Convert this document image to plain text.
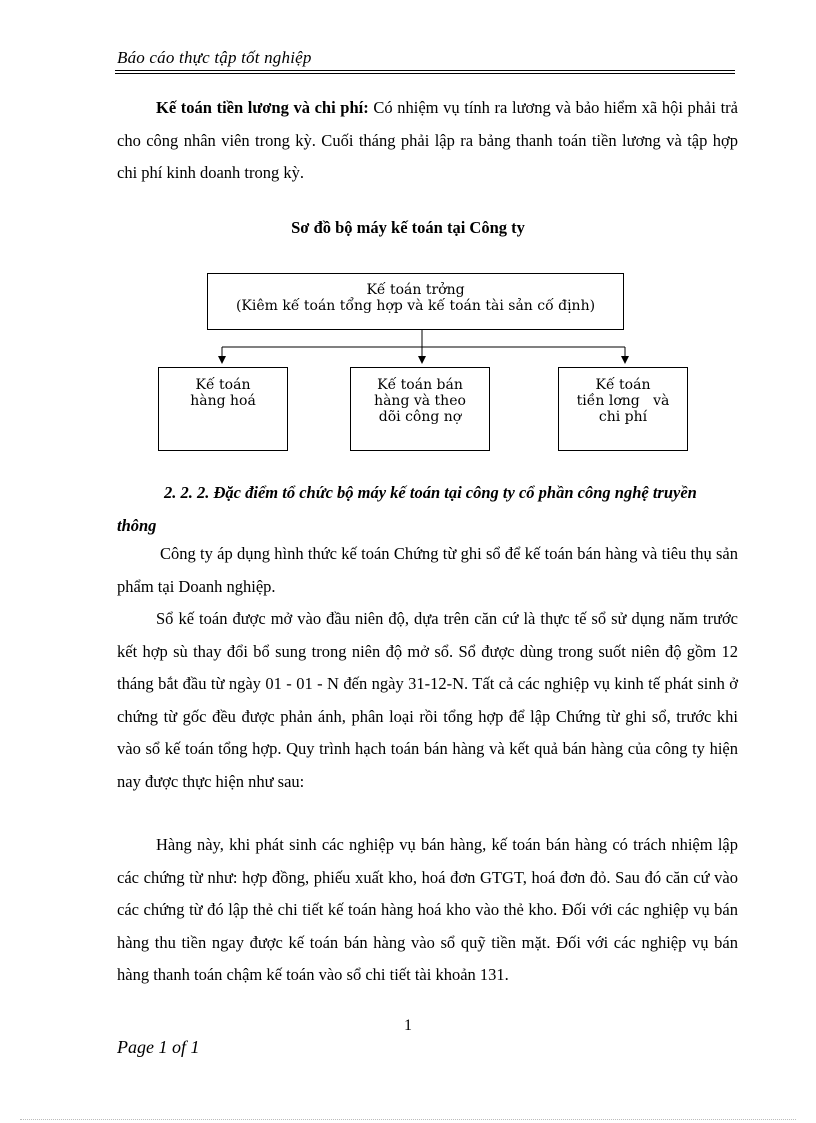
Báo cáo thực tập tốt nghiệp

Kế toán tiền lương và chi phí: Có nhiệm vụ tính ra lương và bảo hiểm xã hội phải trả cho công nhân viên trong kỳ. Cuối tháng phải lập ra bảng thanh toán tiền lương và tập hợp chi phí kinh doanh trong kỳ.

Sơ đồ bộ máy kế toán tại Công ty
Kế toán trởng
(Kiêm kế toán tổng hợp và kế toán tài sản cố định)
Kế toán
hàng hoá
Kế toán bán
hàng và theo
dõi công nợ
Kế toán
tiền lơng   và
chi phí

2. 2. 2. Đặc điểm tổ chức bộ máy kế toán tại công ty cổ phần công nghệ truyền thông

Công ty áp dụng hình thức kế toán Chứng từ ghi sổ để kế toán bán hàng và tiêu thụ sản phẩm tại Doanh nghiệp.

Sổ kế toán được mở vào đầu niên độ, dựa trên căn cứ là thực tế sổ sử dụng năm trước kết hợp sù thay đổi bổ sung trong niên độ mở sổ. Sổ được dùng trong suốt niên độ gồm 12 tháng bắt đầu từ ngày 01 - 01 - N đến ngày 31-12-N. Tất cả các nghiệp vụ kinh tế phát sinh ở chứng từ gốc đều được phản ánh, phân loại rồi tổng hợp để lập Chứng từ ghi sổ, trước khi vào sổ kế toán tổng hợp. Quy trình hạch toán bán hàng và kết quả bán hàng của công ty hiện nay được thực hiện như sau:

Hàng này, khi phát sinh các nghiệp vụ bán hàng, kế toán bán hàng có trách nhiệm lập các chứng từ như: hợp đồng, phiếu xuất kho, hoá đơn GTGT, hoá đơn đỏ. Sau đó căn cứ vào các chứng từ đó lập thẻ chi tiết kế toán hàng hoá kho vào thẻ kho. Đối với các nghiệp vụ bán hàng thu tiền ngay được kế toán bán hàng vào sổ quỹ tiền mặt. Đối với các nghiệp vụ bán hàng thanh toán chậm kế toán vào sổ chi tiết tài khoản 131.

1
Page 1 of 1
